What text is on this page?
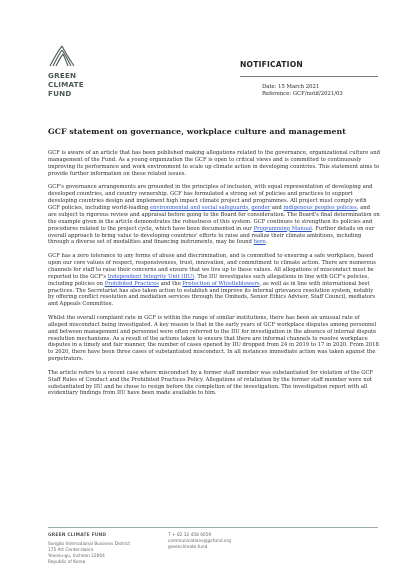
GREEN
CLIMATE
FUND
NOTIFICATION
Date: 15 March 2021
Reference: GCF/notif/2021/03
GCF statement on governance, workplace culture and management

GCF is aware of an article that has been published making allegations related to the governance, organizational culture and management of the Fund. As a young organization the GCF is open to critical views and is committed to continuously improving its performance and work environment to scale up climate action in developing countries. This statement aims to provide further information on these related issues.

GCF's governance arrangements are grounded in the principles of inclusion, with equal representation of developing and developed countries, and country ownership. GCF has formulated a strong set of policies and practices to support developing countries design and implement high impact climate project and programmes. All project must comply with GCF policies, including world-leading environmental and social safeguards, gender and indigenous peoples policies, and are subject to rigorous review and appraisal before going to the Board for consideration. The Board's final determination on the example given in the article demonstrates the robustness of this system. GCF continues to strengthen its policies and procedures related to the project cycle, which have been documented in our Programming Manual. Further details on our overall approach to bring value to developing countries' efforts to raise and realize their climate ambitions, including through a diverse set of modalities and financing instruments, may be found here.

GCF has a zero tolerance to any forms of abuse and discrimination, and is committed to ensuring a safe workplace, based upon our core values of respect, responsiveness, trust, innovation, and commitment to climate action. There are numerous channels for staff to raise their concerns and ensure that we live up to these values. All allegations of misconduct must be reported to the GCF's Independent Integrity Unit (IIU). The IIU investigates such allegations in line with GCF's policies, including policies on Prohibited Practices and the Protection of Whistleblowers, as well as in line with international best practices. The Secretariat has also taken action to establish and improve its internal grievance resolution system, notably by offering conflict resolution and mediation services through the Ombuds, Senior Ethics Advisor, Staff Council, mediators and Appeals Committee.

Whilst the overall complaint rate in GCF is within the range of similar institutions, there has been an unusual rate of alleged misconduct being investigated. A key reason is that in the early years of GCF workplace disputes among personnel and between management and personnel were often referred to the IIU for investigation in the absence of internal dispute resolution mechanisms. As a result of the actions taken to ensure that there are informal channels to resolve workplace disputes in a timely and fair manner, the number of cases opened by IIU dropped from 24 in 2019 to 17 in 2020. From 2018 to 2020, there have been three cases of substantiated misconduct. In all instances immediate action was taken against the perpetrators.

The article refers to a recent case where misconduct by a former staff member was substantiated for violation of the GCF Staff Rules of Conduct and the Prohibited Practices Policy. Allegations of retaliation by the former staff member were not substantiated by IIU and he chose to resign before the completion of the investigation. The investigation report with all evidentiary findings from IIU have been made available to him.

GREEN CLIMATE FUND
Songdo International Business District
175 Art Center-daero
Yeonsu-gu, Incheon 22004
Republic of Korea
T + 82 32 458 6059
communications@gcfund.org
greenclimate.fund
